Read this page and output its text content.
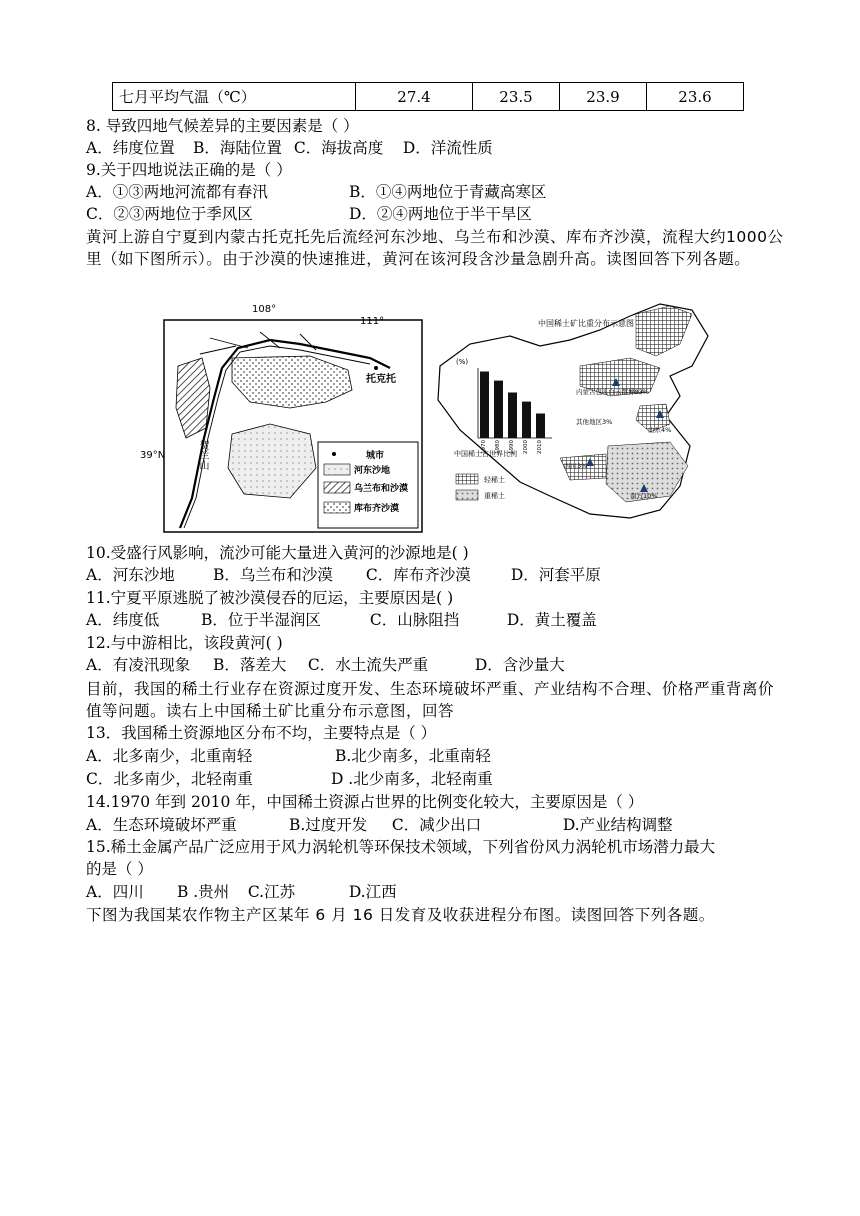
七月平均气温（℃）	27.4	23.5	23.9	23.6
8. 导致四地气候差异的主要因素是（ ）
A．纬度位置 B．海陆位置 C．海拔高度 D．洋流性质
9.关于四地说法正确的是（ ）
A．①③两地河流都有春汛	B．①④两地位于青藏高寒区
C．②③两地位于季风区	D．②④两地位于半干旱区
黄河上游自宁夏到内蒙古托克托先后流经河东沙地、乌兰布和沙漠、库布齐沙漠，流程大约1000公里（如下图所示）。由于沙漠的快速推进，黄河在该河段含沙量急剧升高。读图回答下列各题。
108°
111°
39°N
托克托
贺兰山
城市
河东沙地
乌兰布和沙漠
库布齐沙漠
中国稀土矿比重分布示意图
内蒙古包头白云鄂博83%
山东4%
其他地区3%
四川3%
南方10%
(%)
中国稀土占世界比例
1970 1980 1990 2000 2010
轻稀土
重稀土
10.受盛行风影响，流沙可能大量进入黄河的沙源地是( )
A．河东沙地 B．乌兰布和沙漠 C．库布齐沙漠	D．河套平原
11.宁夏平原逃脱了被沙漠侵吞的厄运，主要原因是( )
A．纬度低	B．位于半湿润区	C．山脉阻挡	D．黄土覆盖
12.与中游相比，该段黄河( )
A．有凌汛现象 B．落差大 C．水土流失严重	D．含沙量大
目前，我国的稀土行业存在资源过度开发、生态环境破坏严重、产业结构不合理、价格严重背离价值等问题。读右上中国稀土矿比重分布示意图，回答
13．我国稀土资源地区分布不均，主要特点是（ ）
A．北多南少，北重南轻	B.北少南多，北重南轻
C．北多南少，北轻南重	D .北少南多，北轻南重
14.1970 年到 2010 年，中国稀土资源占世界的比例变化较大，主要原因是（ ）
A．生态环境破坏严重	B.过度开发 C．减少出口	D.产业结构调整
15.稀土金属产品广泛应用于风力涡轮机等环保技术领域，下列省份风力涡轮机市场潜力最大
的是（ ）
A．四川 B .贵州 C.江苏	D.江西
下图为我国某农作物主产区某年 6 月 16 日发育及收获进程分布图。读图回答下列各题。
